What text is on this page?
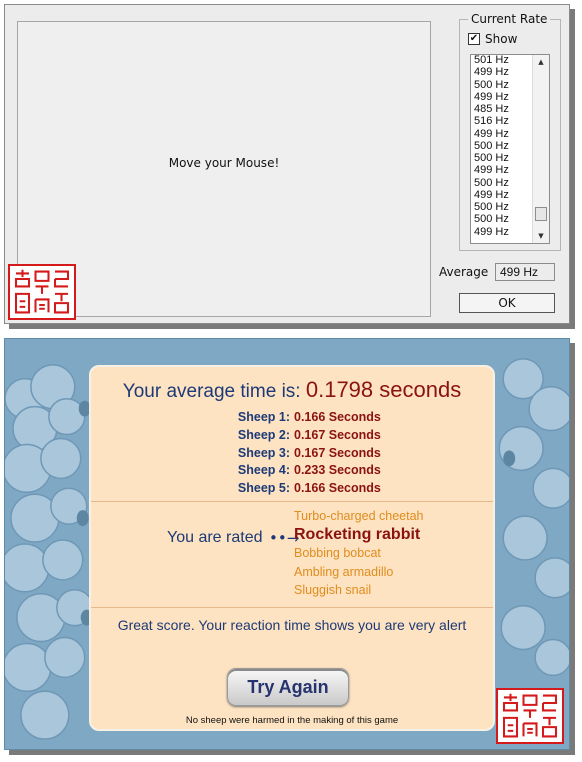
Move your Mouse!
Current Rate
✔ Show
501 Hz
499 Hz
500 Hz
499 Hz
485 Hz
516 Hz
499 Hz
500 Hz
500 Hz
499 Hz
500 Hz
499 Hz
500 Hz
500 Hz
499 Hz
▲
▼
Average 499 Hz
OK
Your average time is: 0.1798 seconds
Sheep 1: 0.166 Seconds
Sheep 2: 0.167 Seconds
Sheep 3: 0.167 Seconds
Sheep 4: 0.233 Seconds
Sheep 5: 0.166 Seconds
You are rated ••→
Turbo-charged cheetah
Rocketing rabbit
Bobbing bobcat
Ambling armadillo
Sluggish snail
Great score. Your reaction time shows you are very alert
Try Again
No sheep were harmed in the making of this game
